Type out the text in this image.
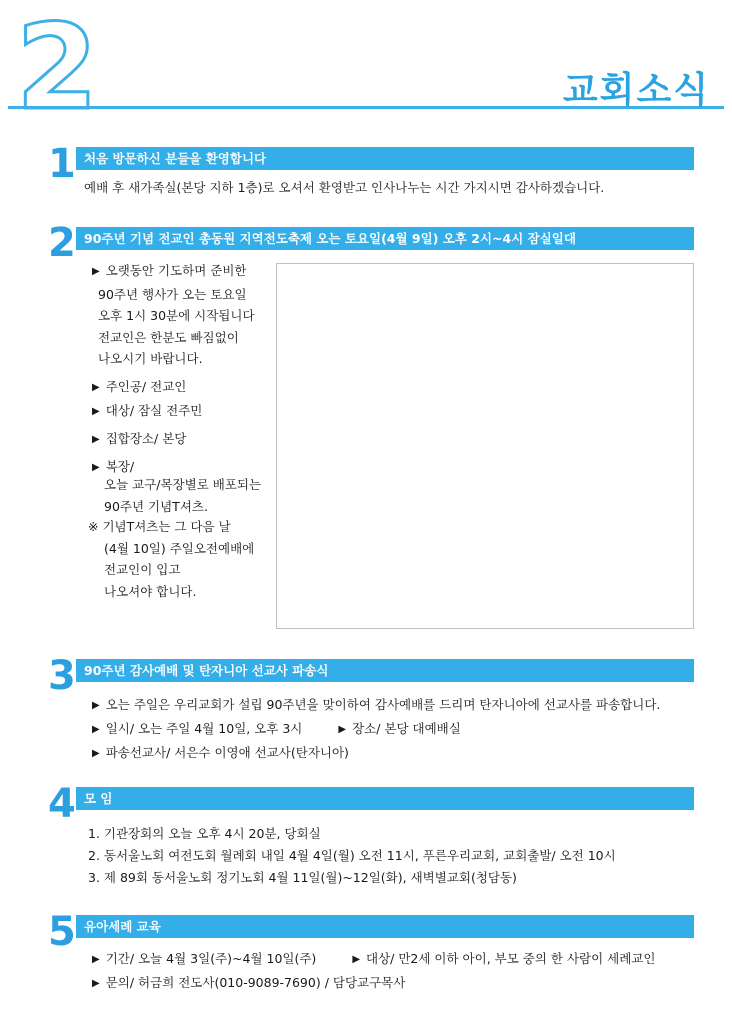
2	교회소식
1 처음 방문하신 분들을 환영합니다
예배 후 새가족실(본당 지하 1층)로 오셔서 환영받고 인사나누는 시간 가지시면 감사하겠습니다.
2 90주년 기념 전교인 총동원 지역전도축제 오는 토요일(4월 9일) 오후 2시~4시 잠실일대
▶ 오랫동안 기도하며 준비한
90주년 행사가 오는 토요일
오후 1시 30분에 시작됩니다
전교인은 한분도 빠짐없이
나오시기 바랍니다.
▶ 주인공/ 전교인
▶ 대상/ 잠실 전주민
▶ 집합장소/ 본당
▶ 복장/
오늘 교구/목장별로 배포되는
90주년 기념T셔츠.
※ 기념T셔츠는 그 다음 날
(4월 10일) 주일오전예배에
전교인이 입고
나오셔야 합니다.
3 90주년 감사예배 및 탄자니아 선교사 파송식
▶ 오는 주일은 우리교회가 설립 90주년을 맞이하여 감사예배를 드리며 탄자니아에 선교사를 파송합니다.
▶ 일시/ 오는 주일 4월 10일, 오후 3시	▶ 장소/ 본당 대예배실
▶ 파송선교사/ 서은수 이영애 선교사(탄자니아)
4 모 임
1. 기관장회의 오늘 오후 4시 20분, 당회실
2. 동서울노회 여전도회 월례회 내일 4월 4일(월) 오전 11시, 푸른우리교회, 교회출발/ 오전 10시
3. 제 89회 동서울노회 정기노회 4월 11일(월)~12일(화), 새벽별교회(청담동)
5 유아세례 교육
▶ 기간/ 오늘 4월 3일(주)~4월 10일(주)	▶ 대상/ 만2세 이하 아이, 부모 중의 한 사람이 세례교인
▶ 문의/ 허금희 전도사(010-9089-7690) / 담당교구목사
